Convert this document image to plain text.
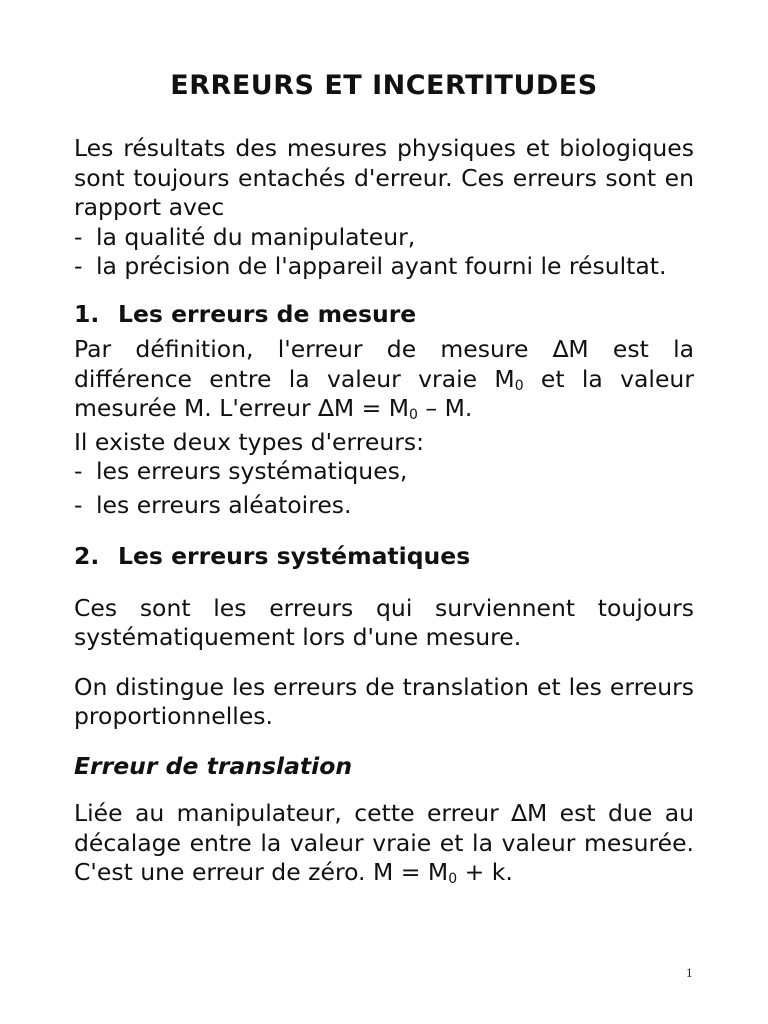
ERREURS ET INCERTITUDES

Les résultats des mesures physiques et biologiques sont toujours entachés d'erreur. Ces erreurs sont en rapport avec

- la qualité du manipulateur,
- la précision de l'appareil ayant fourni le résultat.
1. Les erreurs de mesure

Par définition, l'erreur de mesure ∆M est la différence entre la valeur vraie $M_0$ et la valeur mesurée M. L'erreur $\Delta M = M_0 - M$.

Il existe deux types d'erreurs:

- les erreurs systématiques,
- les erreurs aléatoires.
2. Les erreurs systématiques

Ces sont les erreurs qui surviennent toujours systématiquement lors d'une mesure.

On distingue les erreurs de translation et les erreurs proportionnelles.

Erreur de translation

Liée au manipulateur, cette erreur ∆M est due au décalage entre la valeur vraie et la valeur mesurée. C'est une erreur de zéro. $M = M_0 + k$.

1
